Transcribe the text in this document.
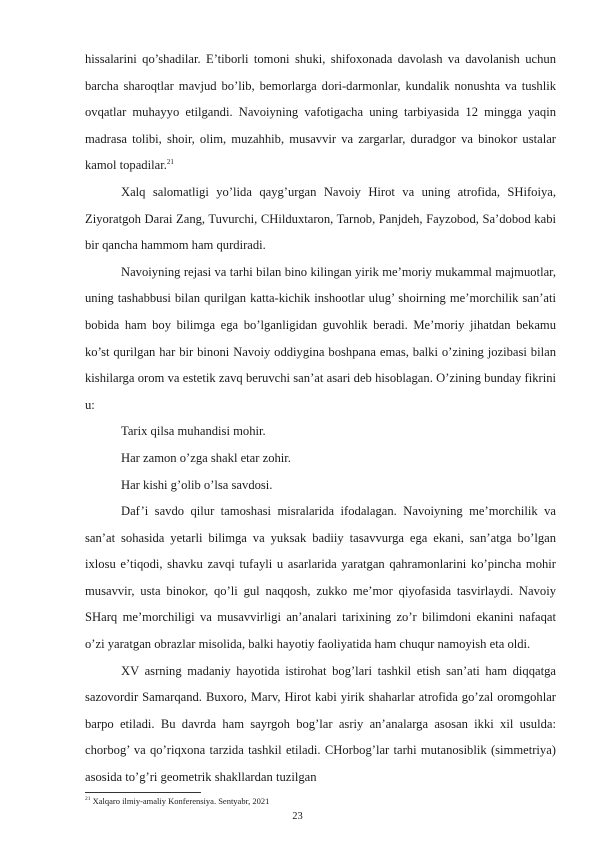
hissalarini qo’shadilar. E’tiborli tomoni shuki, shifoxonada davolash va davolanish uchun barcha sharoqtlar mavjud bo’lib, bemorlarga dori-darmonlar, kundalik nonushta va tushlik ovqatlar muhayyo etilgandi. Navoiyning vafotigacha uning tarbiyasida 12 mingga yaqin madrasa tolibi, shoir, olim, muzahhib, musavvir va zargarlar, duradgor va binokor ustalar kamol topadilar.$^{21}$

Xalq salomatligi yo’lida qayg’urgan Navoiy Hirot va uning atrofida, SHifoiya, Ziyoratgoh Darai Zang, Tuvurchi, CHilduxtaron, Tarnob, Panjdeh, Fayzobod, Sa’dobod kabi bir qancha hammom ham qurdiradi.

Navoiyning rejasi va tarhi bilan bino kilingan yirik me’moriy mukammal majmuotlar, uning tashabbusi bilan qurilgan katta-kichik inshootlar ulug’ shoirning me’morchilik san’ati bobida ham boy bilimga ega bo’lganligidan guvohlik beradi. Me’moriy jihatdan bekamu ko’st qurilgan har bir binoni Navoiy oddiygina boshpana emas, balki o’zining jozibasi bilan kishilarga orom va estetik zavq beruvchi san’at asari deb hisoblagan. O’zining bunday fikrini u:

Tarix qilsa muhandisi mohir.

Har zamon o’zga shakl etar zohir.

Har kishi g’olib o’lsa savdosi.

Daf’i savdo qilur tamoshasi misralarida ifodalagan. Navoiyning me’morchilik va san’at sohasida yetarli bilimga va yuksak badiiy tasavvurga ega ekani, san’atga bo’lgan ixlosu e’tiqodi, shavku zavqi tufayli u asarlarida yaratgan qahramonlarini ko’pincha mohir musavvir, usta binokor, qo’li gul naqqosh, zukko me’mor qiyofasida tasvirlaydi. Navoiy SHarq me’morchiligi va musavvirligi an’analari tarixining zo’r bilimdoni ekanini nafaqat o’zi yaratgan obrazlar misolida, balki hayotiy faoliyatida ham chuqur namoyish eta oldi.

XV asrning madaniy hayotida istirohat bog’lari tashkil etish san’ati ham diqqatga sazovordir Samarqand. Buxoro, Marv, Hirot kabi yirik shaharlar atrofida go’zal oromgohlar barpo etiladi. Bu davrda ham sayrgoh bog’lar asriy an’analarga asosan ikki xil usulda: chorbog’ va qo’riqxona tarzida tashkil etiladi. CHorbog’lar tarhi mutanosiblik (simmetriya) asosida to’g’ri geometrik shakllardan tuzilgan

$^{21}$ Xalqaro ilmiy-amaliy Konferensiya. Sentyabr, 2021
23
